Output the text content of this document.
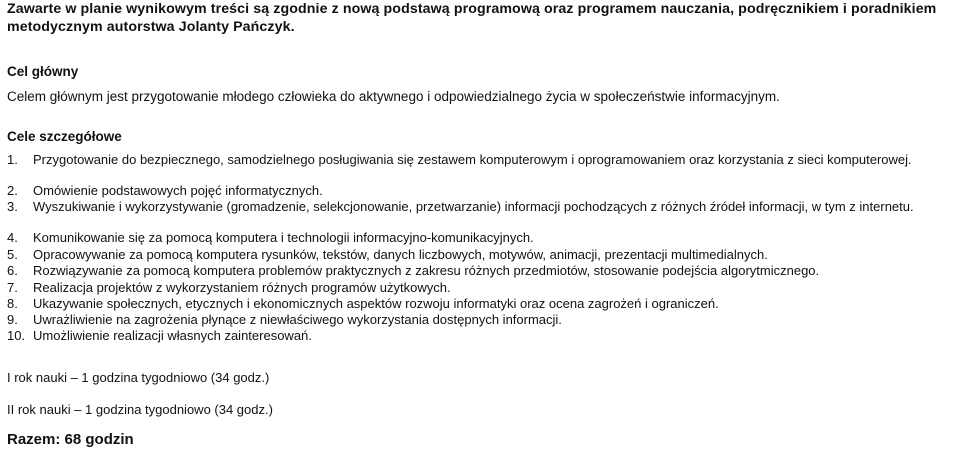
Zawarte w planie wynikowym treści są zgodnie z nową podstawą programową oraz programem nauczania, podręcznikiem i poradnikiem metodycznym autorstwa Jolanty Pańczyk.
Cel główny
Celem głównym jest przygotowanie młodego człowieka do aktywnego i odpowiedzialnego życia w społeczeństwie informacyjnym.
Cele szczegółowe
1.	Przygotowanie do bezpiecznego, samodzielnego posługiwania się zestawem komputerowym i oprogramowaniem oraz korzystania z sieci komputerowej.
2.	Omówienie podstawowych pojęć informatycznych.
3.	Wyszukiwanie i wykorzystywanie (gromadzenie, selekcjonowanie, przetwarzanie) informacji pochodzących z różnych źródeł informacji, w tym z internetu.
4.	Komunikowanie się za pomocą komputera i technologii informacyjno-komunikacyjnych.
5.	Opracowywanie za pomocą komputera rysunków, tekstów, danych liczbowych, motywów, animacji, prezentacji multimedialnych.
6.	Rozwiązywanie za pomocą komputera problemów praktycznych z zakresu różnych przedmiotów, stosowanie podejścia algorytmicznego.
7.	Realizacja projektów z wykorzystaniem różnych programów użytkowych.
8.	Ukazywanie społecznych, etycznych i ekonomicznych aspektów rozwoju informatyki oraz ocena zagrożeń i ograniczeń.
9.	Uwrażliwienie na zagrożenia płynące z niewłaściwego wykorzystania dostępnych informacji.
10. Umożliwienie realizacji własnych zainteresowań.
I rok nauki – 1 godzina tygodniowo (34 godz.)
II rok nauki – 1 godzina tygodniowo (34 godz.)
Razem: 68 godzin
